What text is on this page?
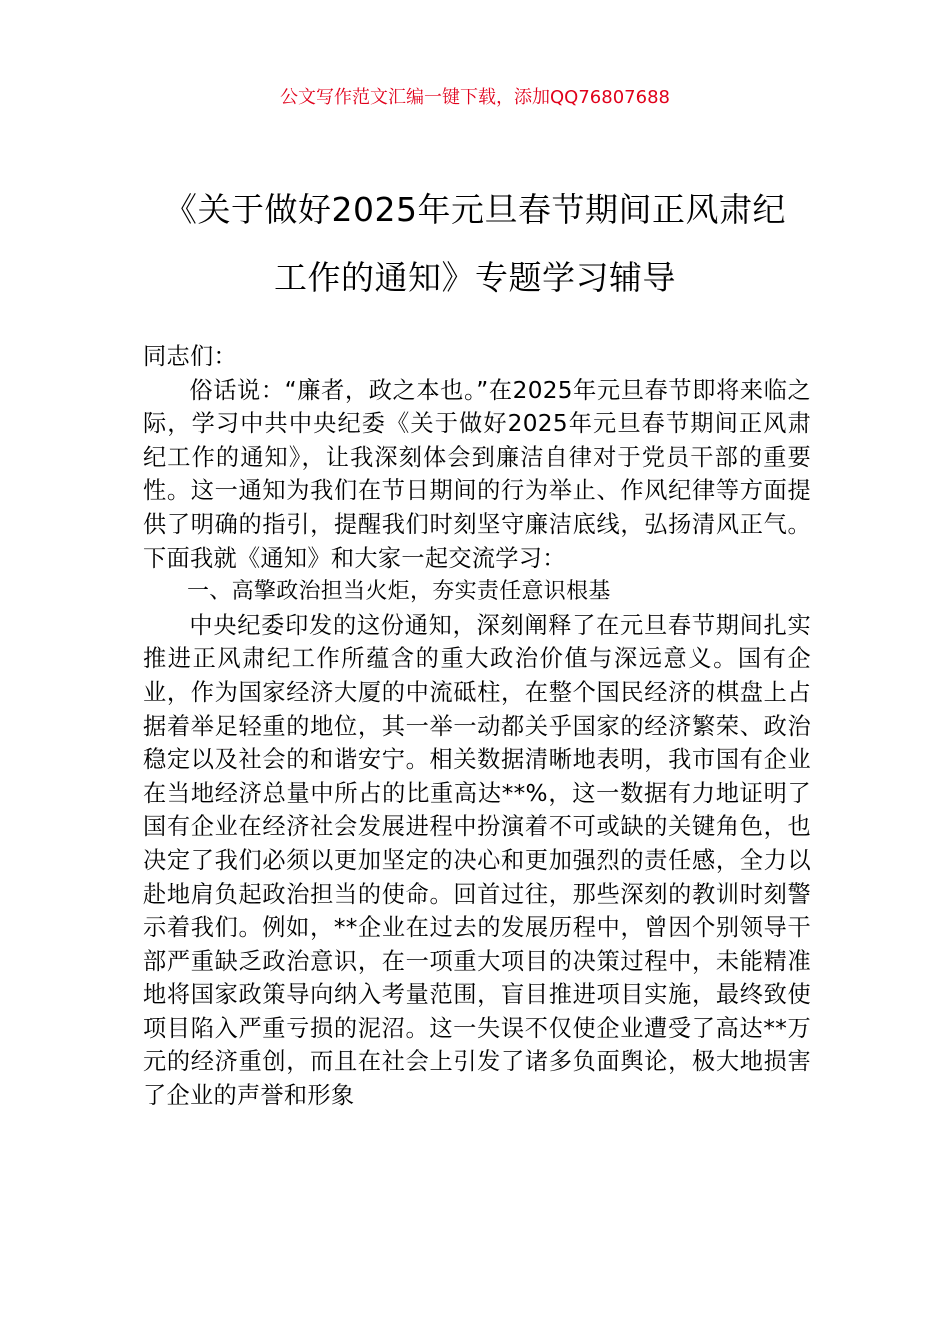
公文写作范文汇编一键下载，添加QQ76807688
《关于做好2025年元旦春节期间正风肃纪
工作的通知》专题学习辅导

同志们：

俗话说：“廉者，政之本也。”在2025年元旦春节即将来临之际，学习中共中央纪委《关于做好2025年元旦春节期间正风肃纪工作的通知》，让我深刻体会到廉洁自律对于党员干部的重要性。这一通知为我们在节日期间的行为举止、作风纪律等方面提供了明确的指引，提醒我们时刻坚守廉洁底线，弘扬清风正气。下面我就《通知》和大家一起交流学习：

一、高擎政治担当火炬，夯实责任意识根基

中央纪委印发的这份通知，深刻阐释了在元旦春节期间扎实推进正风肃纪工作所蕴含的重大政治价值与深远意义。国有企业，作为国家经济大厦的中流砥柱，在整个国民经济的棋盘上占据着举足轻重的地位，其一举一动都关乎国家的经济繁荣、政治稳定以及社会的和谐安宁。相关数据清晰地表明，我市国有企业在当地经济总量中所占的比重高达**%，这一数据有力地证明了国有企业在经济社会发展进程中扮演着不可或缺的关键角色，也决定了我们必须以更加坚定的决心和更加强烈的责任感，全力以赴地肩负起政治担当的使命。回首过往，那些深刻的教训时刻警示着我们。例如，**企业在过去的发展历程中，曾因个别领导干部严重缺乏政治意识，在一项重大项目的决策过程中，未能精准地将国家政策导向纳入考量范围，盲目推进项目实施，最终致使项目陷入严重亏损的泥沼。这一失误不仅使企业遭受了高达**万元的经济重创，而且在社会上引发了诸多负面舆论，极大地损害了企业的声誉和形象
